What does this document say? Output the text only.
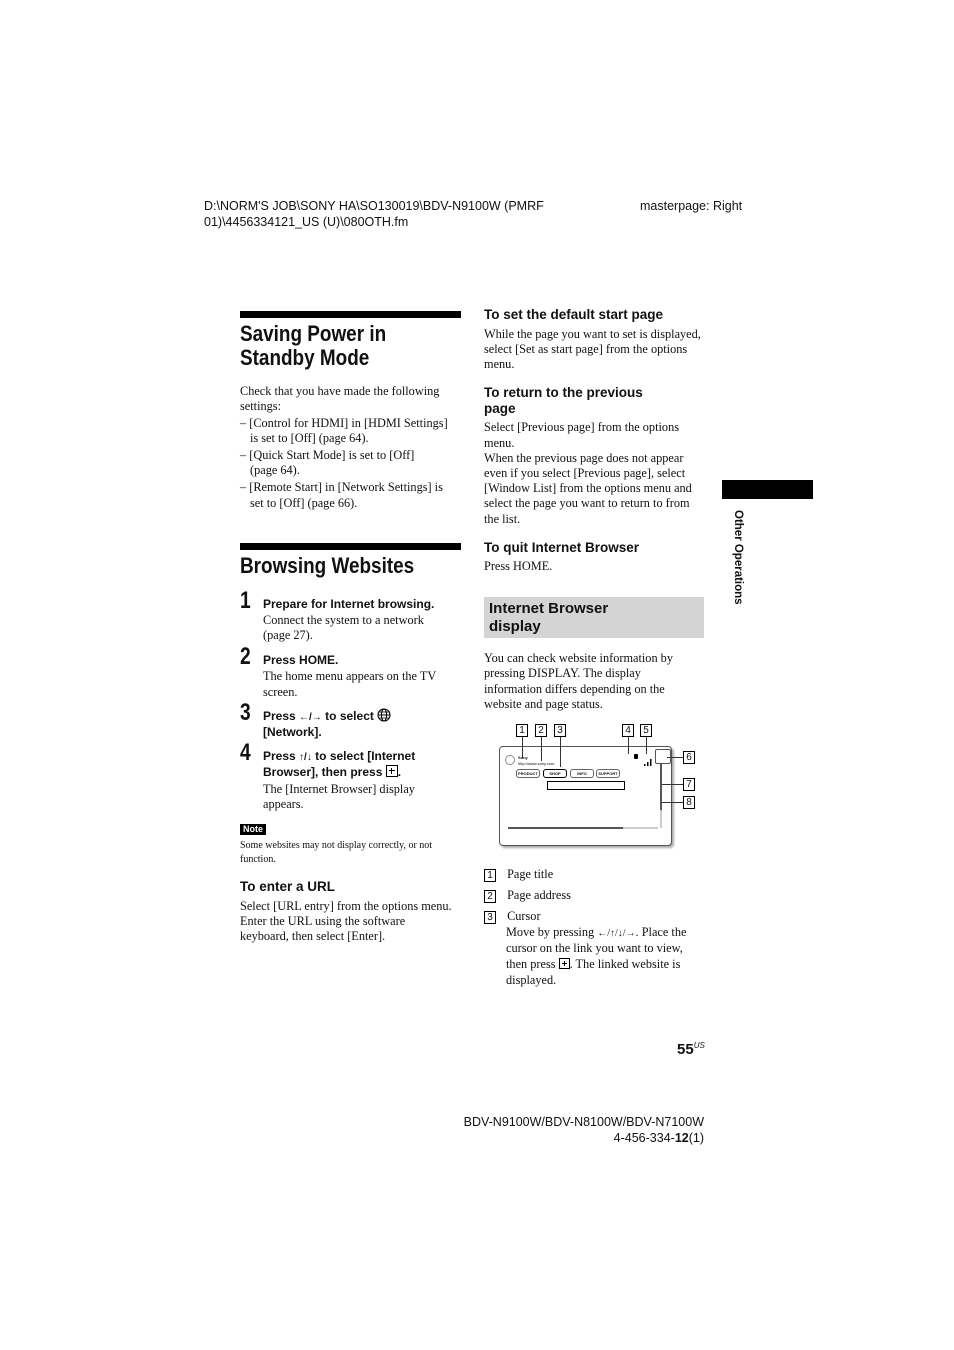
D:\NORM'S JOB\SONY HA\SO130019\BDV-N9100W (PMRF
01)\4456334121_US (U)\080OTH.fm
masterpage: Right
Saving Power in
Standby Mode
Check that you have made the following
settings:
– [Control for HDMI] in [HDMI Settings]
is set to [Off] (page 64).
– [Quick Start Mode] is set to [Off]
(page 64).
– [Remote Start] in [Network Settings] is
set to [Off] (page 66).
Browsing Websites
1 Prepare for Internet browsing.
Connect the system to a network
(page 27).
2 Press HOME.
The home menu appears on the TV
screen.
3 Press ←/→ to select
[Network].
4 Press ↑/↓ to select [Internet
Browser], then press .
The [Internet Browser] display
appears.
Note
Some websites may not display correctly, or not
function.
To enter a URL
Select [URL entry] from the options menu.
Enter the URL using the software
keyboard, then select [Enter].
To set the default start page
While the page you want to set is displayed,
select [Set as start page] from the options
menu.
To return to the previous
page
Select [Previous page] from the options
menu.
When the previous page does not appear
even if you select [Previous page], select
[Window List] from the options menu and
select the page you want to return to from
the list.
To quit Internet Browser
Press HOME.
Internet Browser
display
You can check website information by
pressing DISPLAY. The display
information differs depending on the
website and page status.
1	2	3	4	5
6
7
8
Sony
http://www.sony.com
PRODUCT	SHOP	INFO	SUPPORT
1 Page title
2 Page address
3 Cursor
Move by pressing ←/↑/↓/→. Place the
cursor on the link you want to view,
then press . The linked website is
displayed.
Other Operations
$55^{US}$
BDV-N9100W/BDV-N8100W/BDV-N7100W
4-456-334-12(1)
